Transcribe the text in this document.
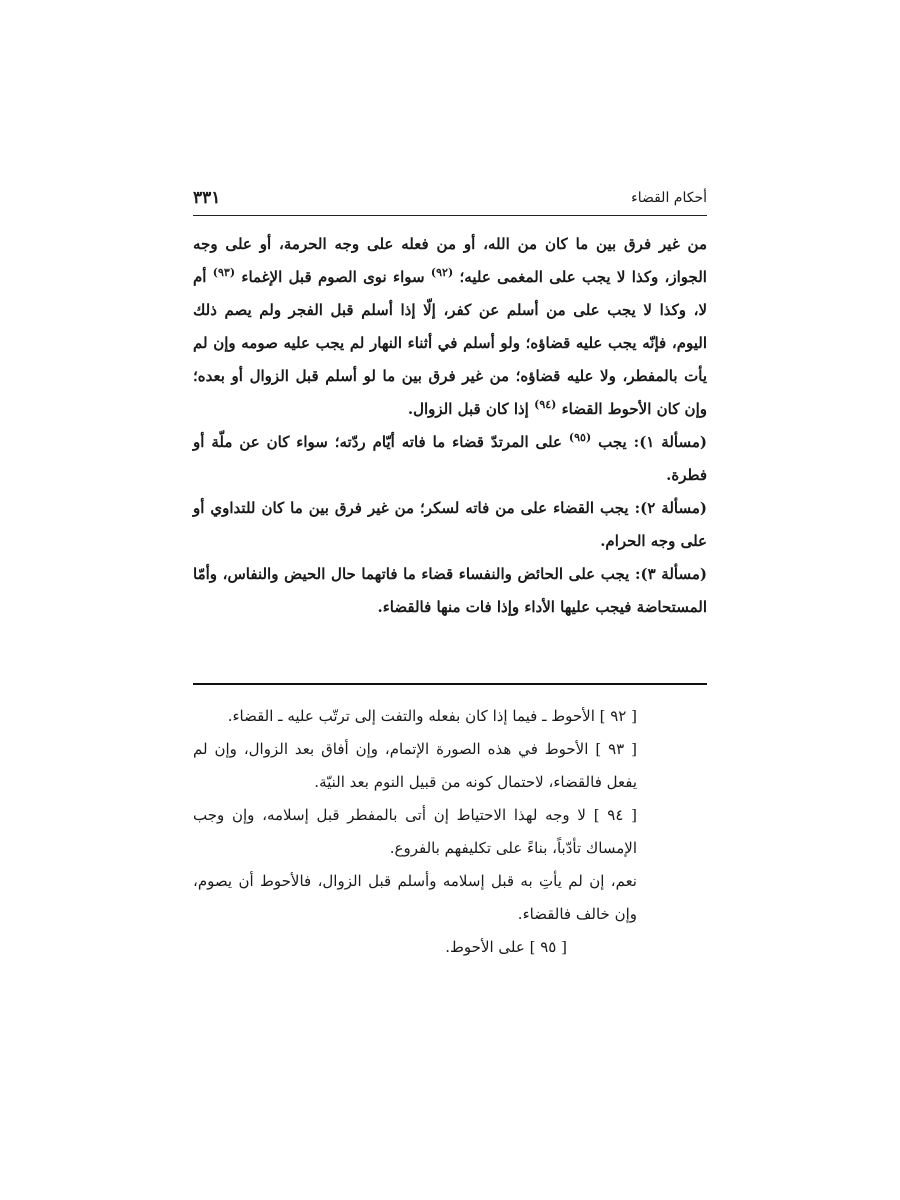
أحكام القضاء
٣٣١

من غير فرق بين ما كان من الله، أو من فعله على وجه الحرمة، أو على وجه الجواز، وكذا لا يجب على المغمى عليه؛ $^{(٩٢)}$ سواء نوى الصوم قبل الإغماء $^{(٩٣)}$ أم لا، وكذا لا يجب على من أسلم عن كفر، إلّا إذا أسلم قبل الفجر ولم يصم ذلك اليوم، فإنّه يجب عليه قضاؤه؛ ولو أسلم في أثناء النهار لم يجب عليه صومه وإن لم يأت بالمفطر، ولا عليه قضاؤه؛ من غير فرق بين ما لو أسلم قبل الزوال أو بعده؛ وإن كان الأحوط القضاء $^{(٩٤)}$ إذا كان قبل الزوال.

(مسألة ١): يجب $^{(٩٥)}$ على المرتدّ قضاء ما فاته أيّام ردّته؛ سواء كان عن ملّة أو فطرة.

(مسألة ٢): يجب القضاء على من فاته لسكر؛ من غير فرق بين ما كان للتداوي أو على وجه الحرام.

(مسألة ٣): يجب على الحائض والنفساء قضاء ما فاتهما حال الحيض والنفاس، وأمّا المستحاضة فيجب عليها الأداء وإذا فات منها فالقضاء.

[ ٩٢ ] الأحوط ـ فيما إذا كان بفعله والتفت إلى ترتّب عليه ـ القضاء.

[ ٩٣ ] الأحوط في هذه الصورة الإتمام، وإن أفاق بعد الزوال، وإن لم يفعل فالقضاء، لاحتمال كونه من قبيل النوم بعد النيّة.

[ ٩٤ ] لا وجه لهذا الاحتياط إن أتى بالمفطر قبل إسلامه، وإن وجب الإمساك تأدّباً، بناءً على تكليفهم بالفروع.

نعم، إن لم يأتِ به قبل إسلامه وأسلم قبل الزوال، فالأحوط أن يصوم، وإن خالف فالقضاء.

[ ٩٥ ] على الأحوط.
